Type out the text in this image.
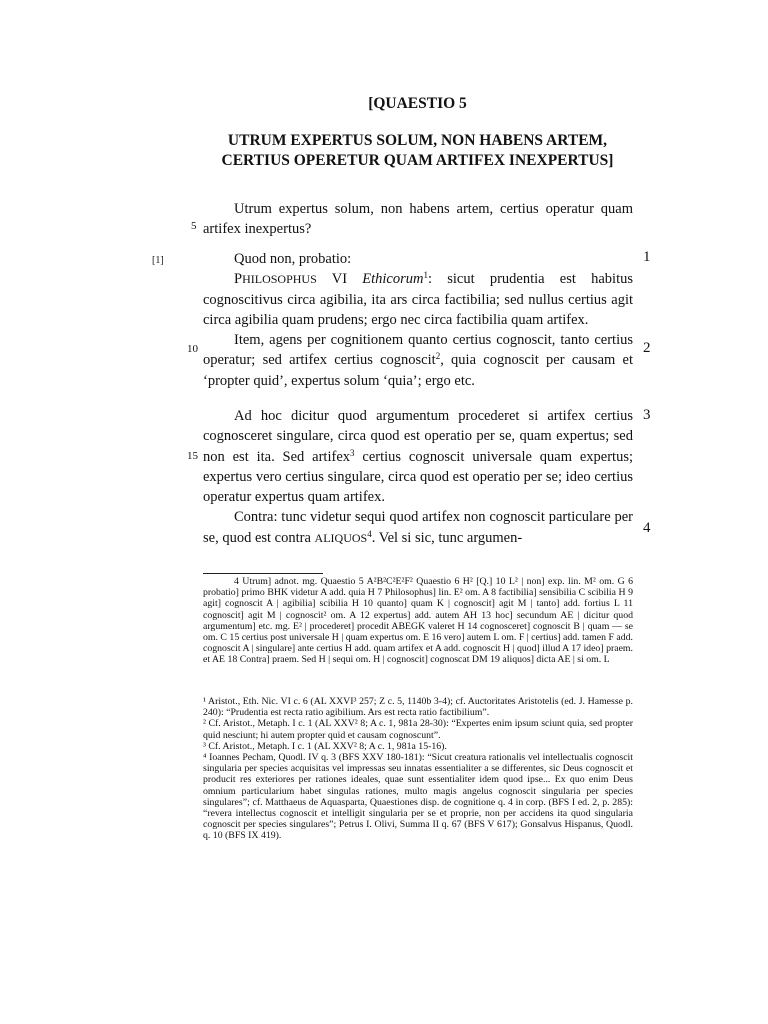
[QUAESTIO 5
UTRUM EXPERTUS SOLUM, NON HABENS ARTEM,
CERTIUS OPERETUR QUAM ARTIFEX INEXPERTUS]
5
10
15
[1]	1
2
3
4

Utrum expertus solum, non habens artem, certius operatur quam artifex inexpertus?

Quod non, probatio:

PHILOSOPHUS VI Ethicorum$^1$: sicut prudentia est habitus cognoscitivus circa agibilia, ita ars circa factibilia; sed nullus certius agit circa agibilia quam prudens; ergo nec circa factibilia quam artifex.

Item, agens per cognitionem quanto certius cognoscit, tanto certius operatur; sed artifex certius cognoscit$^2$, quia cognoscit per causam et ‘propter quid’, expertus solum ‘quia’; ergo etc.

Ad hoc dicitur quod argumentum procederet si artifex certius cognosceret singulare, circa quod est operatio per se, quam expertus; sed non est ita. Sed artifex$^3$ certius cognoscit universale quam expertus; expertus vero certius singulare, circa quod est operatio per se; ideo certius operatur expertus quam artifex.

Contra: tunc videtur sequi quod artifex non cognoscit particulare per se, quod est contra ALIQUOS$^4$. Vel si sic, tunc argumen-

4 Utrum] adnot. mg. Quaestio 5 A²B²C²E²F² Quaestio 6 H² [Q.] 10 L² | non] exp. lin. M² om. G 6 probatio] primo BHK videtur A add. quia H 7 Philosophus] lin. E² om. A 8 factibilia] sensibilia C scibilia H 9 agit] cognoscit A | agibilia] scibilia H 10 quanto] quam K | cognoscit] agit M | tanto] add. fortius L 11 cognoscit] agit M | cognoscit² om. A 12 expertus] add. autem AH 13 hoc] secundum AE | dicitur quod argumentum] etc. mg. E² | procederet] procedit ABEGK valeret H 14 cognosceret] cognoscit B | quam — se om. C 15 certius post universale H | quam expertus om. E 16 vero] autem L om. F | certius] add. tamen F add. cognoscit A | singulare] ante certius H add. quam artifex et A add. cognoscit H | quod] illud A 17 ideo] praem. et AE 18 Contra] praem. Sed H | sequi om. H | cognoscit] cognoscat DM 19 aliquos] dicta AE | si om. L

¹ Aristot., Eth. Nic. VI c. 6 (AL XXVI³ 257; Z c. 5, 1140b 3-4); cf. Auctoritates Aristotelis (ed. J. Hamesse p. 240): “Prudentia est recta ratio agibilium. Ars est recta ratio factibilium”.

² Cf. Aristot., Metaph. I c. 1 (AL XXV² 8; A c. 1, 981a 28-30): “Expertes enim ipsum sciunt quia, sed propter quid nesciunt; hi autem propter quid et causam cognoscunt”.

³ Cf. Aristot., Metaph. I c. 1 (AL XXV² 8; A c. 1, 981a 15-16).

⁴ Ioannes Pecham, Quodl. IV q. 3 (BFS XXV 180-181): “Sicut creatura rationalis vel intellectualis cognoscit singularia per species acquisitas vel impressas seu innatas essentialiter a se differentes, sic Deus cognoscit et producit res exteriores per rationes ideales, quae sunt essentialiter idem quod ipse... Ex quo enim Deus omnium particularium habet singulas rationes, multo magis angelus cognoscit singularia per species singulares”; cf. Matthaeus de Aquasparta, Quaestiones disp. de cognitione q. 4 in corp. (BFS I ed. 2, p. 285): “revera intellectus cognoscit et intelligit singularia per se et proprie, non per accidens ita quod singularia cognoscit per species singulares”; Petrus I. Olivi, Summa II q. 67 (BFS V 617); Gonsalvus Hispanus, Quodl. q. 10 (BFS IX 419).
